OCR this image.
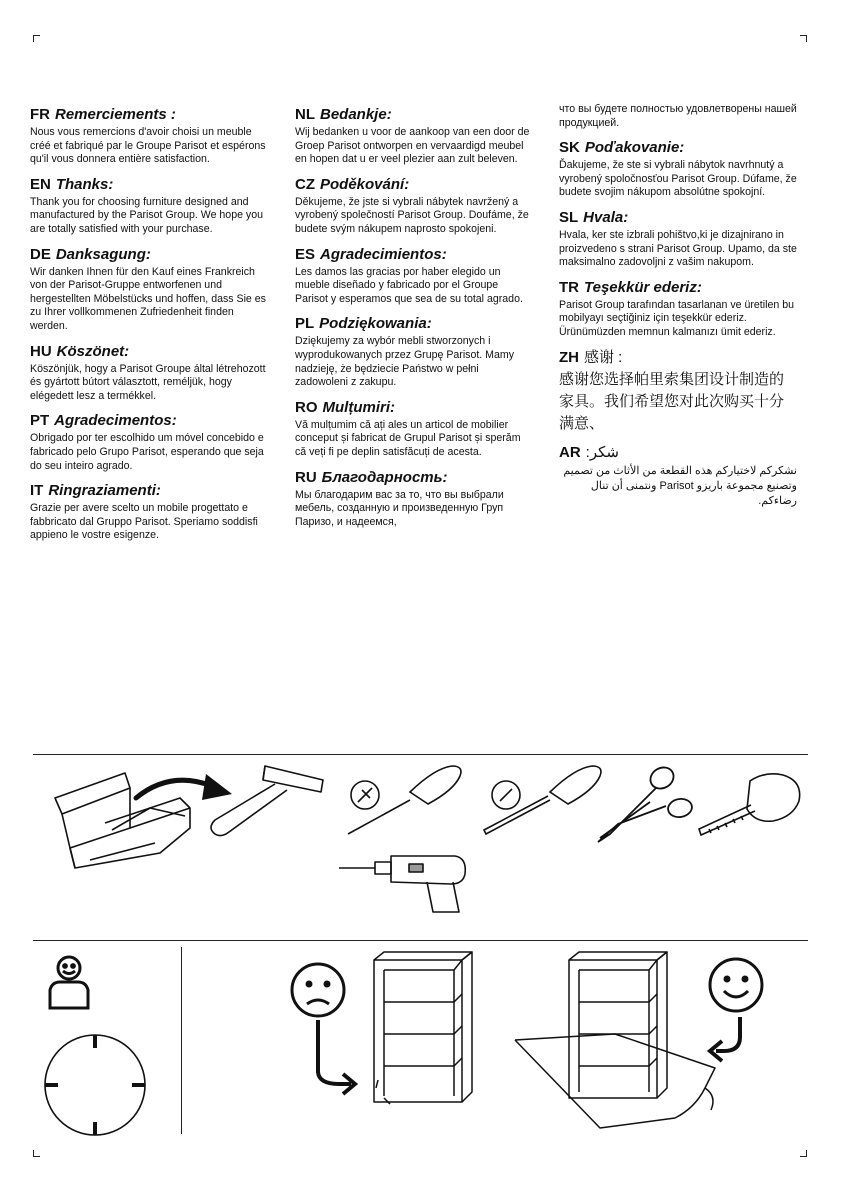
FR Remerciements :

Nous vous remercions d'avoir choisi un meuble créé et fabriqué par le Groupe Parisot et espérons qu'il vous donnera entière satisfaction.

EN Thanks:

Thank you for choosing furniture designed and manufactured by the Parisot Group. We hope you are totally satisfied with your purchase.

DE Danksagung:

Wir danken Ihnen für den Kauf eines Frankreich von der Parisot-Gruppe entworfenen und hergestellten Möbelstücks und hoffen, dass Sie es zu Ihrer vollkommenen Zufriedenheit finden werden.

HU Köszönet:

Köszönjük, hogy a Parisot Groupe által létrehozott és gyártott bútort választott, reméljük, hogy elégedett lesz a termékkel.

PT Agradecimentos:

Obrigado por ter escolhido um móvel concebido e fabricado pelo Grupo Parisot, esperando que seja do seu inteiro agrado.

IT Ringraziamenti:

Grazie per avere scelto un mobile progettato e fabbricato dal Gruppo Parisot. Speriamo soddisfi appieno le vostre esigenze.

NL Bedankje:

Wij bedanken u voor de aankoop van een door de Groep Parisot ontworpen en vervaardigd meubel en hopen dat u er veel plezier aan zult beleven.

CZ Poděkování:

Děkujeme, že jste si vybrali nábytek navržený a vyrobený společností Parisot Group. Doufáme, že budete svým nákupem naprosto spokojeni.

ES Agradecimientos:

Les damos las gracias por haber elegido un mueble diseñado y fabricado por el Groupe Parisot y esperamos que sea de su total agrado.

PL Podziękowania:

Dziękujemy za wybór mebli stworzonych i wyprodukowanych przez Grupę Parisot. Mamy nadzieję, że będziecie Państwo w pełni zadowoleni z zakupu.

RO Mulțumiri:

Vă mulțumim că ați ales un articol de mobilier conceput și fabricat de Grupul Parisot și sperăm că veți fi pe deplin satisfăcuți de acesta.

RU Благодарность:

Мы благодарим вас за то, что вы выбрали мебель, созданную и произведенную Груп Паризо, и надеемся,

что вы будете полностью удовлетворены нашей продукцией.

SK Poďakovanie:

Ďakujeme, že ste si vybrali nábytok navrhnutý a vyrobený spoločnosťou Parisot Group. Dúfame, že budete svojim nákupom absolútne spokojní.

SL Hvala:

Hvala, ker ste izbrali pohištvo,ki je dizajnirano in proizvedeno s strani Parisot Group. Upamo, da ste maksimalno zadovoljni z vašim nakupom.

TR Teşekkür ederiz:

Parisot Group tarafından tasarlanan ve üretilen bu mobilyayı seçtiğiniz için teşekkür ederiz. Ürünümüzden memnun kalmanızı ümit ederiz.

ZH 感谢 :

感谢您选择帕里索集团设计制造的家具。我们希望您对此次购买十分满意、

AR :شكر

نشكركم لاختياركم هذه القطعة من الأثاث من تصميم وتصنيع مجموعة باريزو Parisot ونتمنى أن تنال رضاءكم.
